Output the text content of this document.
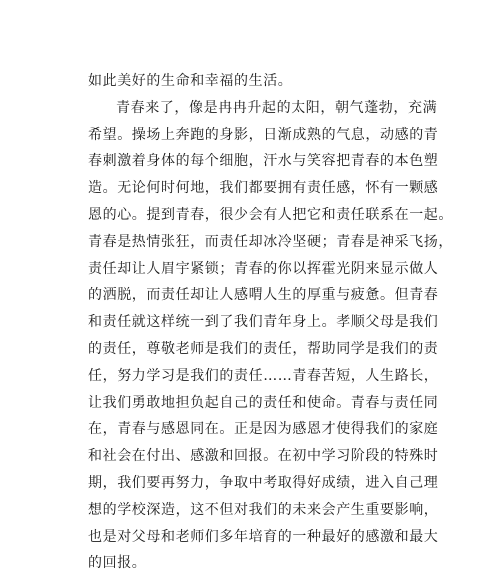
如此美好的生命和幸福的生活。
青春来了，像是冉冉升起的太阳，朝气蓬勃，充满
希望。操场上奔跑的身影，日渐成熟的气息，动感的青
春刺激着身体的每个细胞，汗水与笑容把青春的本色塑
造。无论何时何地，我们都要拥有责任感，怀有一颗感
恩的心。提到青春，很少会有人把它和责任联系在一起。
青春是热情张狂，而责任却冰冷坚硬；青春是神采飞扬，
责任却让人眉宇紧锁；青春的你以挥霍光阴来显示做人
的洒脱，而责任却让人感喟人生的厚重与疲惫。但青春
和责任就这样统一到了我们青年身上。孝顺父母是我们
的责任，尊敬老师是我们的责任，帮助同学是我们的责
任，努力学习是我们的责任……青春苦短，人生路长，
让我们勇敢地担负起自己的责任和使命。青春与责任同
在，青春与感恩同在。正是因为感恩才使得我们的家庭
和社会在付出、感激和回报。在初中学习阶段的特殊时
期，我们要再努力，争取中考取得好成绩，进入自己理
想的学校深造，这不但对我们的未来会产生重要影响，
也是对父母和老师们多年培育的一种最好的感激和最大
的回报。
